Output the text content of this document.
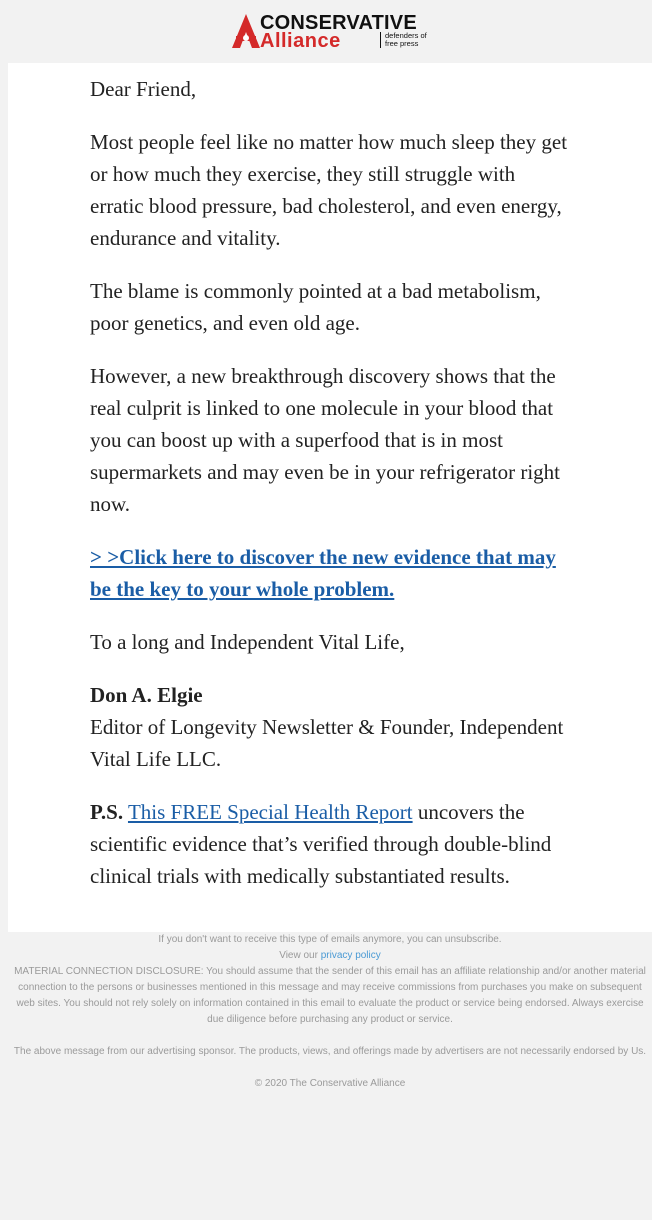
CONSERVATIVE
Alliance	defenders of
free press

Dear Friend,

Most people feel like no matter how much sleep they get or how much they exercise, they still struggle with erratic blood pressure, bad cholesterol, and even energy, endurance and vitality.

The blame is commonly pointed at a bad metabolism, poor genetics, and even old age.

However, a new breakthrough discovery shows that the real culprit is linked to one molecule in your blood that you can boost up with a superfood that is in most supermarkets and may even be in your refrigerator right now.

> >Click here to discover the new evidence that may be the key to your whole problem.

To a long and Independent Vital Life,

Don A. Elgie
Editor of Longevity Newsletter & Founder, Independent Vital Life LLC.

P.S. This FREE Special Health Report uncovers the scientific evidence that’s verified through double-blind clinical trials with medically substantiated results.

If you don't want to receive this type of emails anymore, you can unsubscribe.

View our privacy policy

MATERIAL CONNECTION DISCLOSURE: You should assume that the sender of this email has an affiliate relationship and/or another material connection to the persons or businesses mentioned in this message and may receive commissions from purchases you make on subsequent web sites. You should not rely solely on information contained in this email to evaluate the product or service being endorsed. Always exercise due diligence before purchasing any product or service.

The above message from our advertising sponsor. The products, views, and offerings made by advertisers are not necessarily endorsed by Us.

© 2020 The Conservative Alliance
